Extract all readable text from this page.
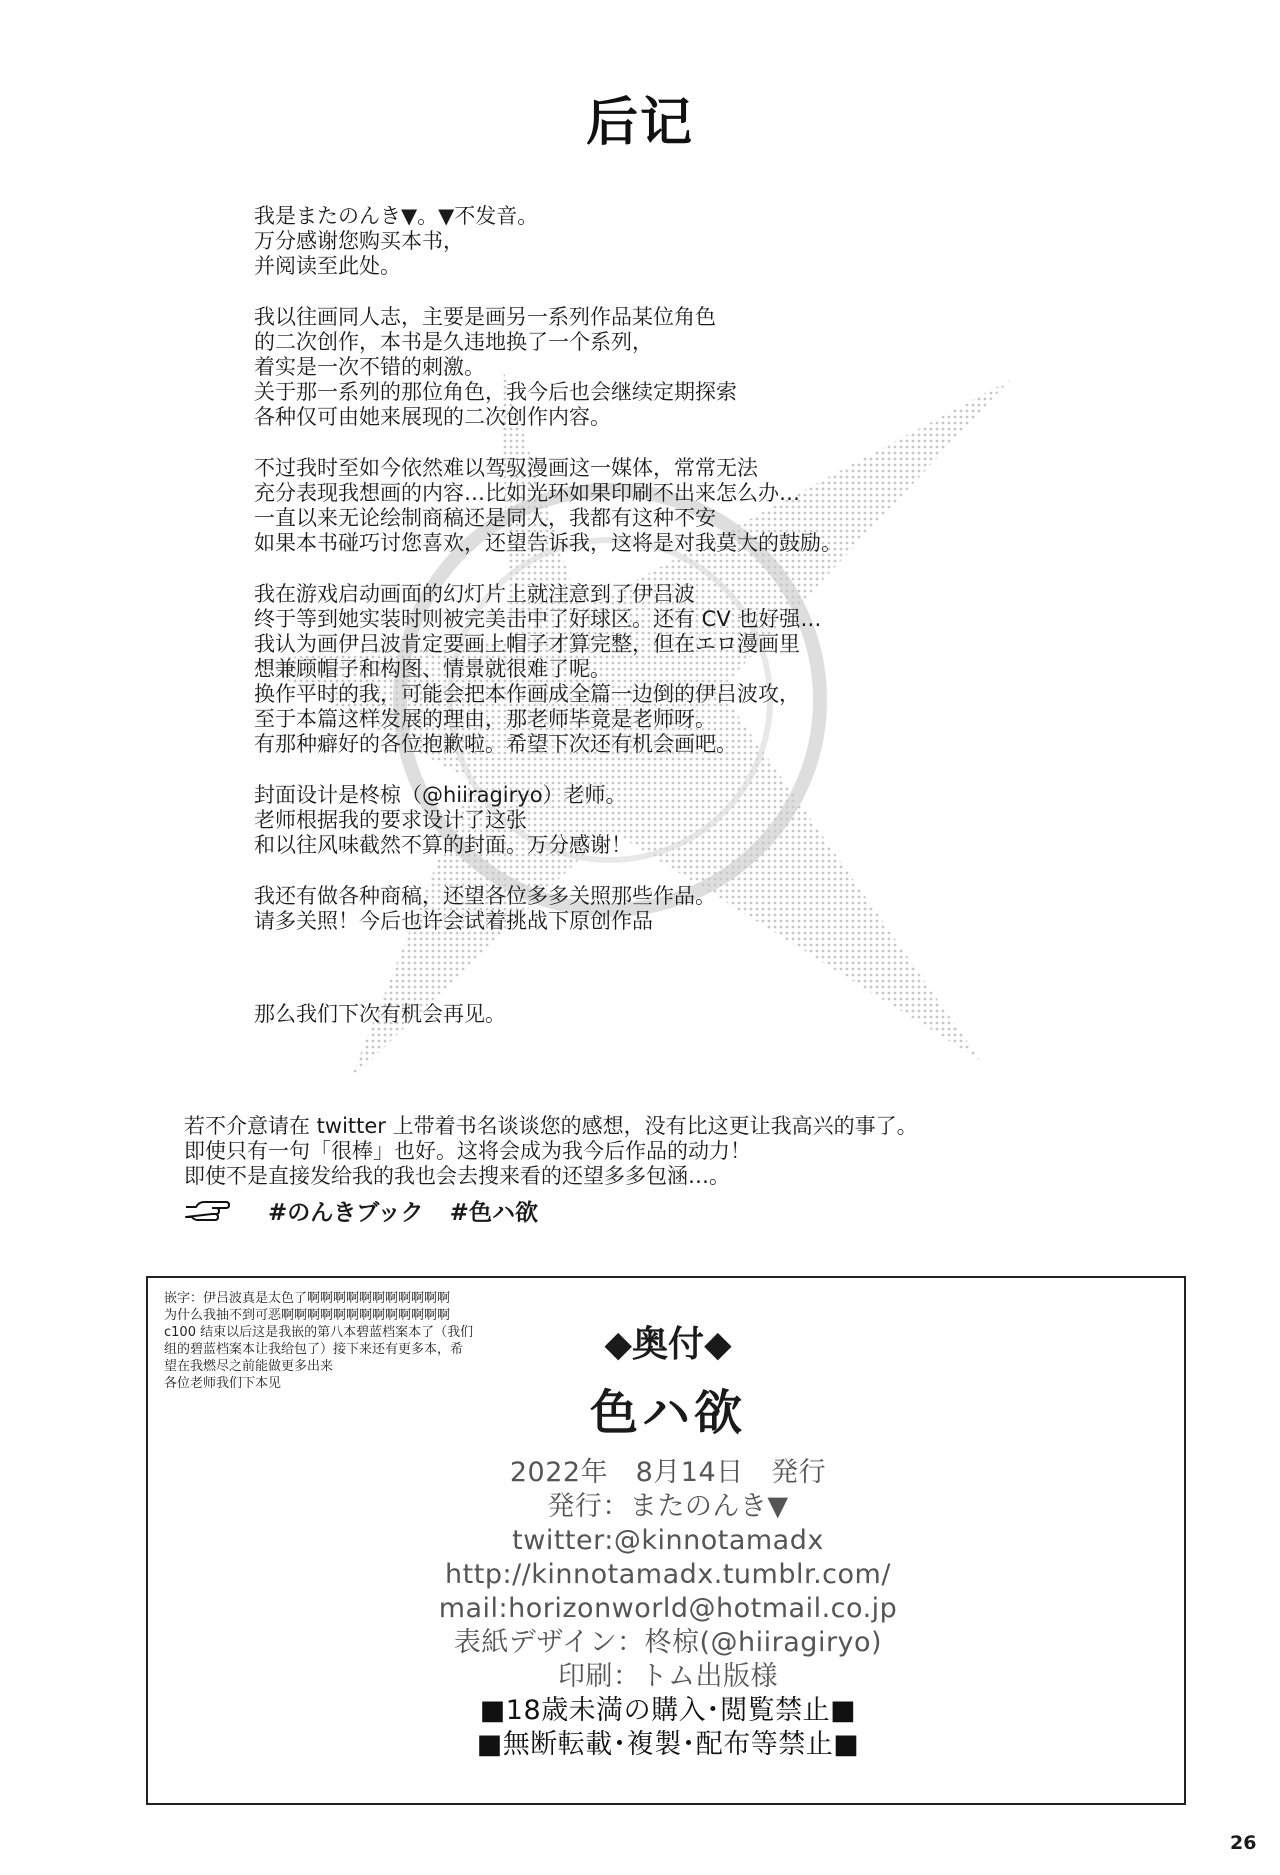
后记
我是またのんき▼。▼不发音。
万分感谢您购买本书，
并阅读至此处。
我以往画同人志，主要是画另一系列作品某位角色
的二次创作，本书是久违地换了一个系列，
着实是一次不错的刺激。
关于那一系列的那位角色，我今后也会继续定期探索
各种仅可由她来展现的二次创作内容。
不过我时至如今依然难以驾驭漫画这一媒体，常常无法
充分表现我想画的内容…比如光环如果印刷不出来怎么办…
一直以来无论绘制商稿还是同人，我都有这种不安
如果本书碰巧讨您喜欢，还望告诉我，这将是对我莫大的鼓励。
我在游戏启动画面的幻灯片上就注意到了伊吕波
终于等到她实装时则被完美击中了好球区。还有 CV 也好强…
我认为画伊吕波肯定要画上帽子才算完整，但在エロ漫画里
想兼顾帽子和构图、情景就很难了呢。
换作平时的我，可能会把本作画成全篇一边倒的伊吕波攻，
至于本篇这样发展的理由，那老师毕竟是老师呀。
有那种癖好的各位抱歉啦。希望下次还有机会画吧。
封面设计是柊椋（@hiiragiryo）老师。
老师根据我的要求设计了这张
和以往风味截然不算的封面。万分感谢！
我还有做各种商稿，还望各位多多关照那些作品。
请多关照！今后也许会试着挑战下原创作品
那么我们下次有机会再见。
若不介意请在 twitter 上带着书名谈谈您的感想，没有比这更让我高兴的事了。
即使只有一句「很棒」也好。这将会成为我今后作品的动力！
即使不是直接发给我的我也会去搜来看的还望多多包涵…。
#のんきブック #色ハ欲
嵌字：伊吕波真是太色了啊啊啊啊啊啊啊啊啊啊啊
为什么我抽不到可恶啊啊啊啊啊啊啊啊啊啊啊啊啊
c100 结束以后这是我嵌的第八本碧蓝档案本了（我们
组的碧蓝档案本让我给包了）接下来还有更多本，希
望在我燃尽之前能做更多出来
各位老师我们下本见
◆奥付◆
色ハ欲
2022年　8月14日　発行
発行：またのんき▼
twitter:@kinnotamadx
http://kinnotamadx.tumblr.com/
mail:horizonworld@hotmail.co.jp
表紙デザイン：柊椋(@hiiragiryo)
印刷：トム出版様
■18歳未満の購入･閲覧禁止■
■無断転載･複製･配布等禁止■
26
